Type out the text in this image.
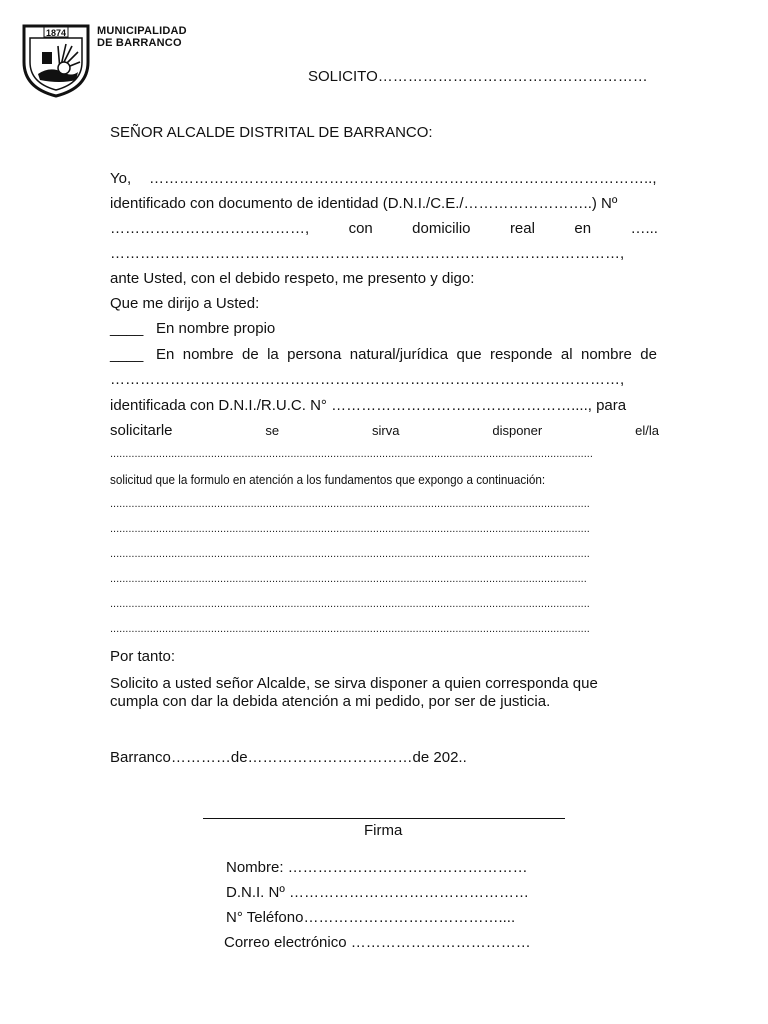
1874	MUNICIPALIDAD
DE BARRANCO
SOLICITO………………………………………………
SEÑOR ALCALDE DISTRITAL DE BARRANCO:
Yo, ………………………………………………………………………………………..,
identificado con documento de identidad (D.N.I./C.E./……………………..) Nº
…………………………………,	con	domicilio	real	en	…...
…………………………………………………………………………………………,
ante Usted, con el debido respeto, me presento y digo:
Que me dirijo a Usted:
____ En nombre propio
____ En nombre de la persona natural/jurídica que responde al nombre de
…………………………………………………………………………………………,
identificada con D.N.I./R.U.C. N° …………………………………………...., para
solicitarle	se	sirva	disponer	el/la
..............................................................................................................................................................
solicitud que la formulo en atención a los fundamentos que expongo a continuación:
.............................................................................................................................................................
.............................................................................................................................................................
.............................................................................................................................................................
............................................................................................................................................................
.............................................................................................................................................................
.............................................................................................................................................................
Por tanto:
Solicito a usted señor Alcalde, se sirva disponer a quien corresponda que
cumpla con dar la debida atención a mi pedido, por ser de justicia.
Barranco…………de……………………………de 202..
Firma
Nombre: …………………………………………
D.N.I. Nº …………………………………………
N° Teléfono…………………………………....
Correo electrónico ………………………………
